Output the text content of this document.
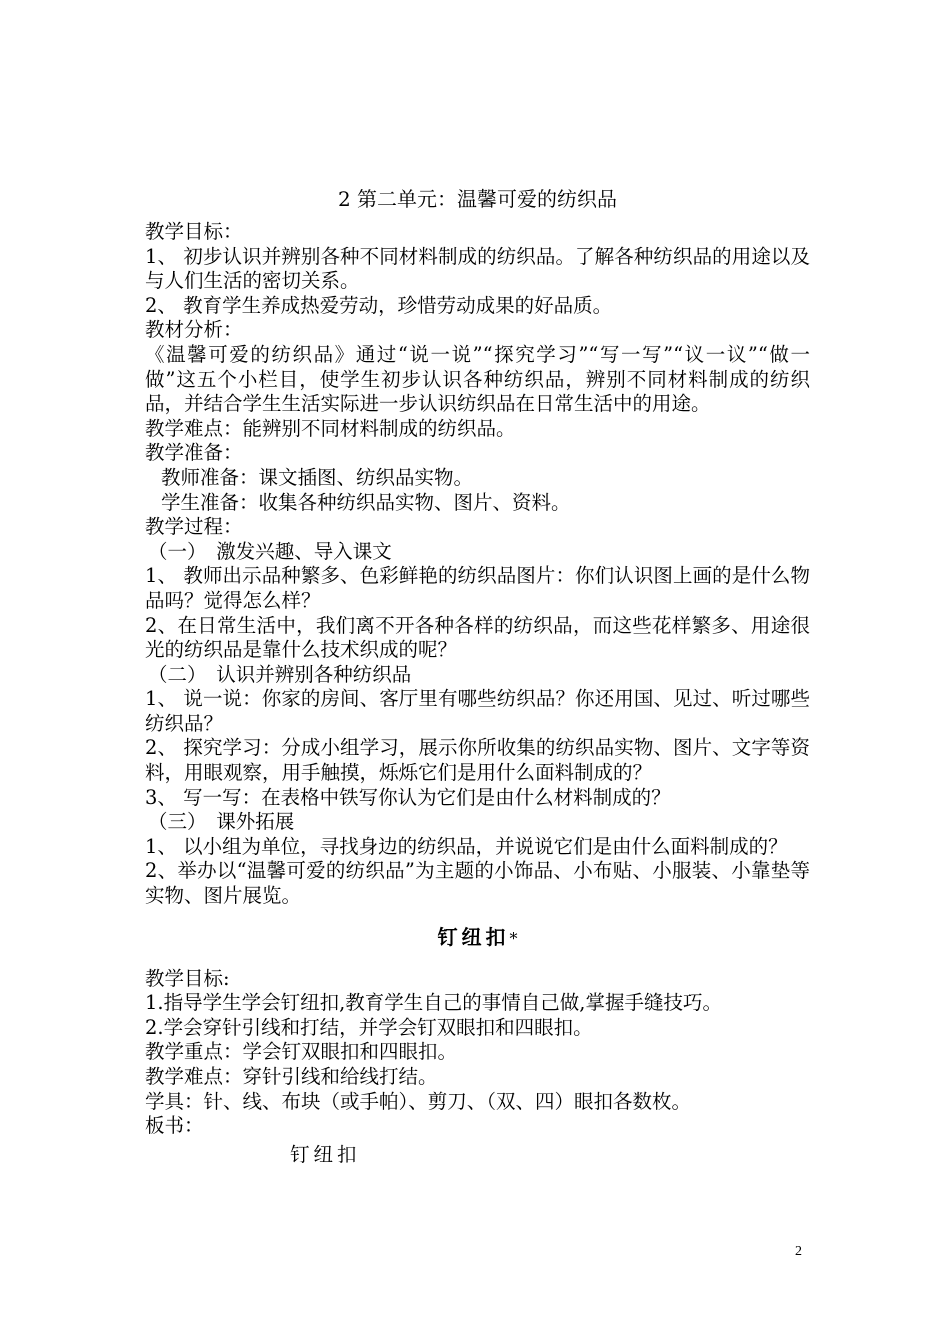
2 第二单元：温馨可爱的纺织品
教学目标：
1、 初步认识并辨别各种不同材料制成的纺织品。了解各种纺织品的用途以及与人们生活的密切关系。
2、 教育学生养成热爱劳动，珍惜劳动成果的好品质。
教材分析：
《温馨可爱的纺织品》通过“说一说”“探究学习”“写一写”“议一议”“做一做”这五个小栏目，使学生初步认识各种纺织品，辨别不同材料制成的纺织品，并结合学生生活实际进一步认识纺织品在日常生活中的用途。
教学难点：能辨别不同材料制成的纺织品。
教学准备：
教师准备：课文插图、纺织品实物。
学生准备：收集各种纺织品实物、图片、资料。
教学过程：
（一）　激发兴趣、导入课文
1、 教师出示品种繁多、色彩鲜艳的纺织品图片：你们认识图上画的是什么物品吗？觉得怎么样？
2、在日常生活中，我们离不开各种各样的纺织品，而这些花样繁多、用途很光的纺织品是靠什么技术织成的呢？
（二）　认识并辨别各种纺织品
1、 说一说：你家的房间、客厅里有哪些纺织品？你还用国、见过、听过哪些纺织品？
2、 探究学习：分成小组学习，展示你所收集的纺织品实物、图片、文字等资料，用眼观察，用手触摸，烁烁它们是用什么面料制成的？
3、 写一写：在表格中铁写你认为它们是由什么材料制成的？
（三）　课外拓展
1、 以小组为单位，寻找身边的纺织品，并说说它们是由什么面料制成的？
2、举办以“温馨可爱的纺织品”为主题的小饰品、小布贴、小服装、小靠垫等实物、图片展览。
钉纽扣*
教学目标:
1.指导学生学会钉纽扣,教育学生自己的事情自己做,掌握手缝技巧。
2.学会穿针引线和打结，并学会钉双眼扣和四眼扣。
教学重点：学会钉双眼扣和四眼扣。
教学难点：穿针引线和给线打结。
学具：针、线、布块（或手帕）、剪刀、（双、四）眼扣各数枚。
板书：
钉纽扣
2
